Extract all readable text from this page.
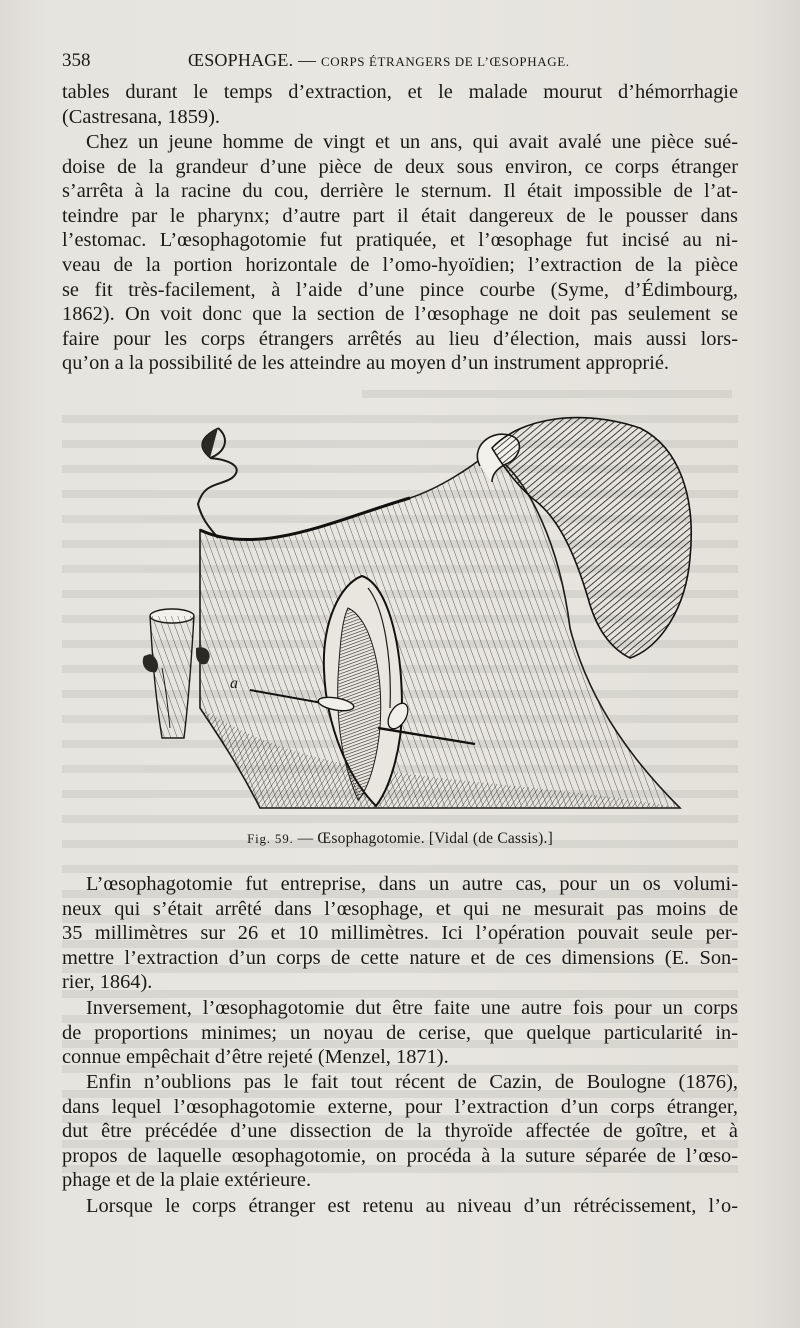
358	ŒSOPHAGE. — CORPS ÉTRANGERS DE L’ŒSOPHAGE.
tables durant le temps d’extraction, et le malade mourut d’hémorrhagie
(Castresana, 1859).
Chez un jeune homme de vingt et un ans, qui avait avalé une pièce sué-
doise de la grandeur d’une pièce de deux sous environ, ce corps étranger
s’arrêta à la racine du cou, derrière le sternum. Il était impossible de l’at-
teindre par le pharynx; d’autre part il était dangereux de le pousser dans
l’estomac. L’œsophagotomie fut pratiquée, et l’œsophage fut incisé au ni-
veau de la portion horizontale de l’omo-hyoïdien; l’extraction de la pièce
se fit très-facilement, à l’aide d’une pince courbe (Syme, d’Édimbourg,
1862). On voit donc que la section de l’œsophage ne doit pas seulement se
faire pour les corps étrangers arrêtés au lieu d’élection, mais aussi lors-
qu’on a la possibilité de les atteindre au moyen d’un instrument approprié.
a
Fig. 59. — Œsophagotomie. [Vidal (de Cassis).]
L’œsophagotomie fut entreprise, dans un autre cas, pour un os volumi-
neux qui s’était arrêté dans l’œsophage, et qui ne mesurait pas moins de
35 millimètres sur 26 et 10 millimètres. Ici l’opération pouvait seule per-
mettre l’extraction d’un corps de cette nature et de ces dimensions (E. Son-
rier, 1864).
Inversement, l’œsophagotomie dut être faite une autre fois pour un corps
de proportions minimes; un noyau de cerise, que quelque particularité in-
connue empêchait d’être rejeté (Menzel, 1871).
Enfin n’oublions pas le fait tout récent de Cazin, de Boulogne (1876),
dans lequel l’œsophagotomie externe, pour l’extraction d’un corps étranger,
dut être précédée d’une dissection de la thyroïde affectée de goître, et à
propos de laquelle œsophagotomie, on procéda à la suture séparée de l’œso-
phage et de la plaie extérieure.
Lorsque le corps étranger est retenu au niveau d’un rétrécissement, l’o-
